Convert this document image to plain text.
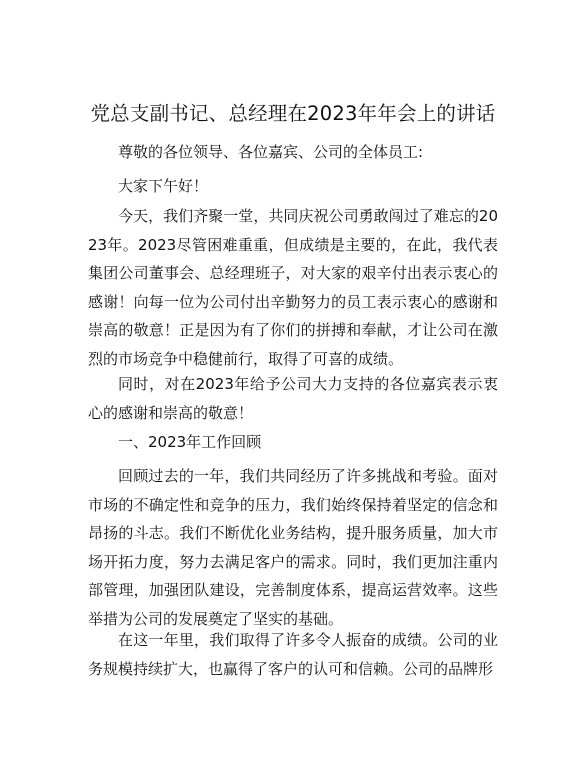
党总支副书记、总经理在2023年年会上的讲话

尊敬的各位领导、各位嘉宾、公司的全体员工:

大家下午好！

今天，我们齐聚一堂，共同庆祝公司勇敢闯过了难忘的2023年。2023尽管困难重重，但成绩是主要的，在此，我代表集团公司董事会、总经理班子，对大家的艰辛付出表示衷心的感谢！向每一位为公司付出辛勤努力的员工表示衷心的感谢和崇高的敬意！正是因为有了你们的拼搏和奉献，才让公司在激烈的市场竞争中稳健前行，取得了可喜的成绩。

同时，对在2023年给予公司大力支持的各位嘉宾表示衷心的感谢和崇高的敬意！

一、2023年工作回顾

回顾过去的一年，我们共同经历了许多挑战和考验。面对市场的不确定性和竞争的压力，我们始终保持着坚定的信念和昂扬的斗志。我们不断优化业务结构，提升服务质量，加大市场开拓力度，努力去满足客户的需求。同时，我们更加注重内部管理，加强团队建设，完善制度体系，提高运营效率。这些举措为公司的发展奠定了坚实的基础。

在这一年里，我们取得了许多令人振奋的成绩。公司的业务规模持续扩大，也赢得了客户的认可和信赖。公司的品牌形
